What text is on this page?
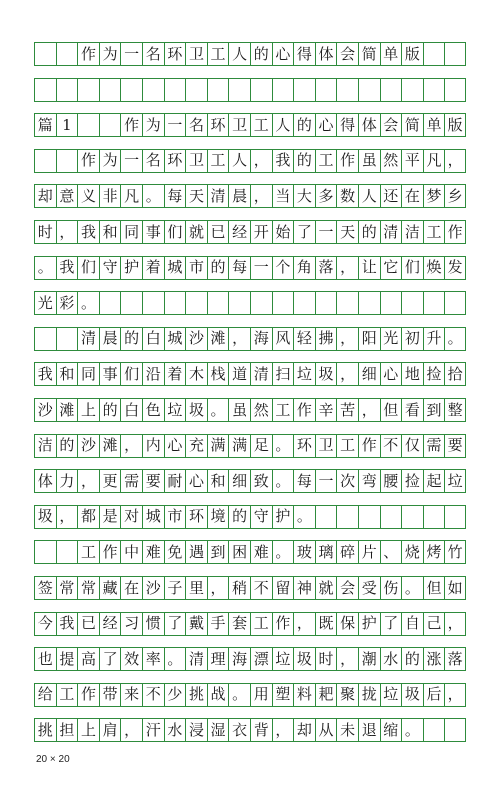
作 为 一 名 环 卫 工 人 的 心 得 体 会 简 单 版
篇 1	作 为 一 名 环 卫 工 人 的 心 得 体 会 简 单 版
作 为 一 名 环 卫 工 人 ， 我 的 工 作 虽 然 平 凡 ，
却 意 义 非 凡 。 每 天 清 晨 ， 当 大 多 数 人 还 在 梦 乡
时 ， 我 和 同 事 们 就 已 经 开 始 了 一 天 的 清 洁 工 作
。 我 们 守 护 着 城 市 的 每 一 个 角 落 ， 让 它 们 焕 发
光 彩 。
清 晨 的 白 城 沙 滩 ， 海 风 轻 拂 ， 阳 光 初 升 。
我 和 同 事 们 沿 着 木 栈 道 清 扫 垃 圾 ， 细 心 地 捡 拾
沙 滩 上 的 白 色 垃 圾 。 虽 然 工 作 辛 苦 ， 但 看 到 整
洁 的 沙 滩 ， 内 心 充 满 满 足 。 环 卫 工 作 不 仅 需 要
体 力 ， 更 需 要 耐 心 和 细 致 。 每 一 次 弯 腰 捡 起 垃
圾 ， 都 是 对 城 市 环 境 的 守 护 。
工 作 中 难 免 遇 到 困 难 。 玻 璃 碎 片 、 烧 烤 竹
签 常 常 藏 在 沙 子 里 ， 稍 不 留 神 就 会 受 伤 。 但 如
今 我 已 经 习 惯 了 戴 手 套 工 作 ， 既 保 护 了 自 己 ，
也 提 高 了 效 率 。 清 理 海 漂 垃 圾 时 ， 潮 水 的 涨 落
给 工 作 带 来 不 少 挑 战 。 用 塑 料 耙 聚 拢 垃 圾 后 ，
挑 担 上 肩 ， 汗 水 浸 湿 衣 背 ， 却 从 未 退 缩 。
20 × 20
